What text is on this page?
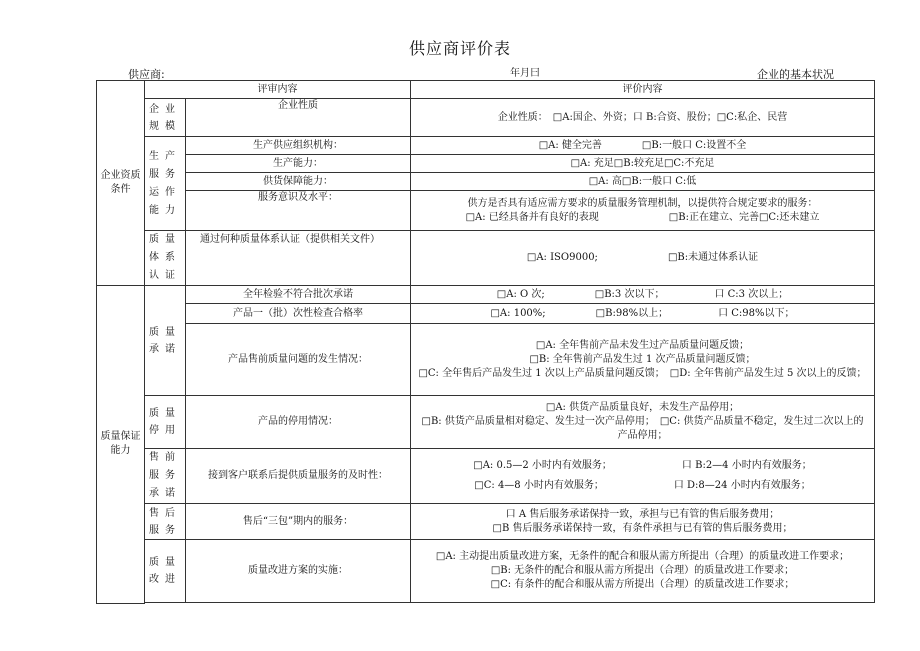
供应商评价表
供应商:	年月曰	企业的基本状况
企业资质条件	评审内容		评价内容
	企业规模	企业性质	企业性质：　 □A:国企、外资；口 B:合资、股份；□C:私企、民营
	生产服务运作能力	生产供应组织机构：	□A: 健全完善　　　　□B:一般口 C:设置不全
		生产能力：	□A: 充足□B:较充足□C:不充足
		供货保障能力：	□A: 高□B:一般口 C:低
		服务意识及水平：	供方是否具有适应需方要求的质量服务管理机制，以提供符合规定要求的服务：
□A: 已经具备并有良好的表现 □B:正在建立、完善□C:还未建立

	质量体系认证	通过何种质量体系认证（提供相关文件）	□A: ISO9000; □B:未通过体系认证
质量保证能力	质量承诺	全年检验不符合批次承诺	□A: O 次; □B:3 次以下； 口 C:3 次以上；
		产品一（批）次性检查合格率	□A: 100%; □B:98%以上； 口 C:98%以下；
		产品售前质量问题的发生情况：	□A: 全年售前产品未发生过产品质量问题反馈；
□B: 全年售前产品发生过 1 次产品质量问题反馈；
□C: 全年售后产品发生过 1 次以上产品质量问题反馈；　□D: 全年售前产品发生过 5 次以上的反馈；

	质量停用	产品的停用情况：	□A: 供货产品质量良好，未发生产品停用；
□B: 供货产品质量相对稳定、发生过一次产品停用；　□C: 供货产品质量不稳定，发生过二次以上的
产品停用；

	售前服务承诺	接到客户联系后提供质量服务的及时性：	□A: 0.5—2 小时内有效服务； 口 B:2—4 小时内有效服务；
□C: 4—8 小时内有效服务； 口 D:8—24 小时内有效服务；

	售后服务	售后“三包”期内的服务：	口 A 售后服务承诺保持一致，承担与已有管的售后服务费用；
□B 售后服务承诺保持一致，有条件承担与已有管的售后服务费用；

	质量改进	质量改进方案的实施：	□A: 主动提出质量改进方案，无条件的配合和服从需方所提出（合理）的质量改进工作要求；
□B: 无条件的配合和服从需方所提出（合理）的质量改进工作要求；
□C: 有条件的配合和服从需方所提出（合理）的质量改进工作要求；
